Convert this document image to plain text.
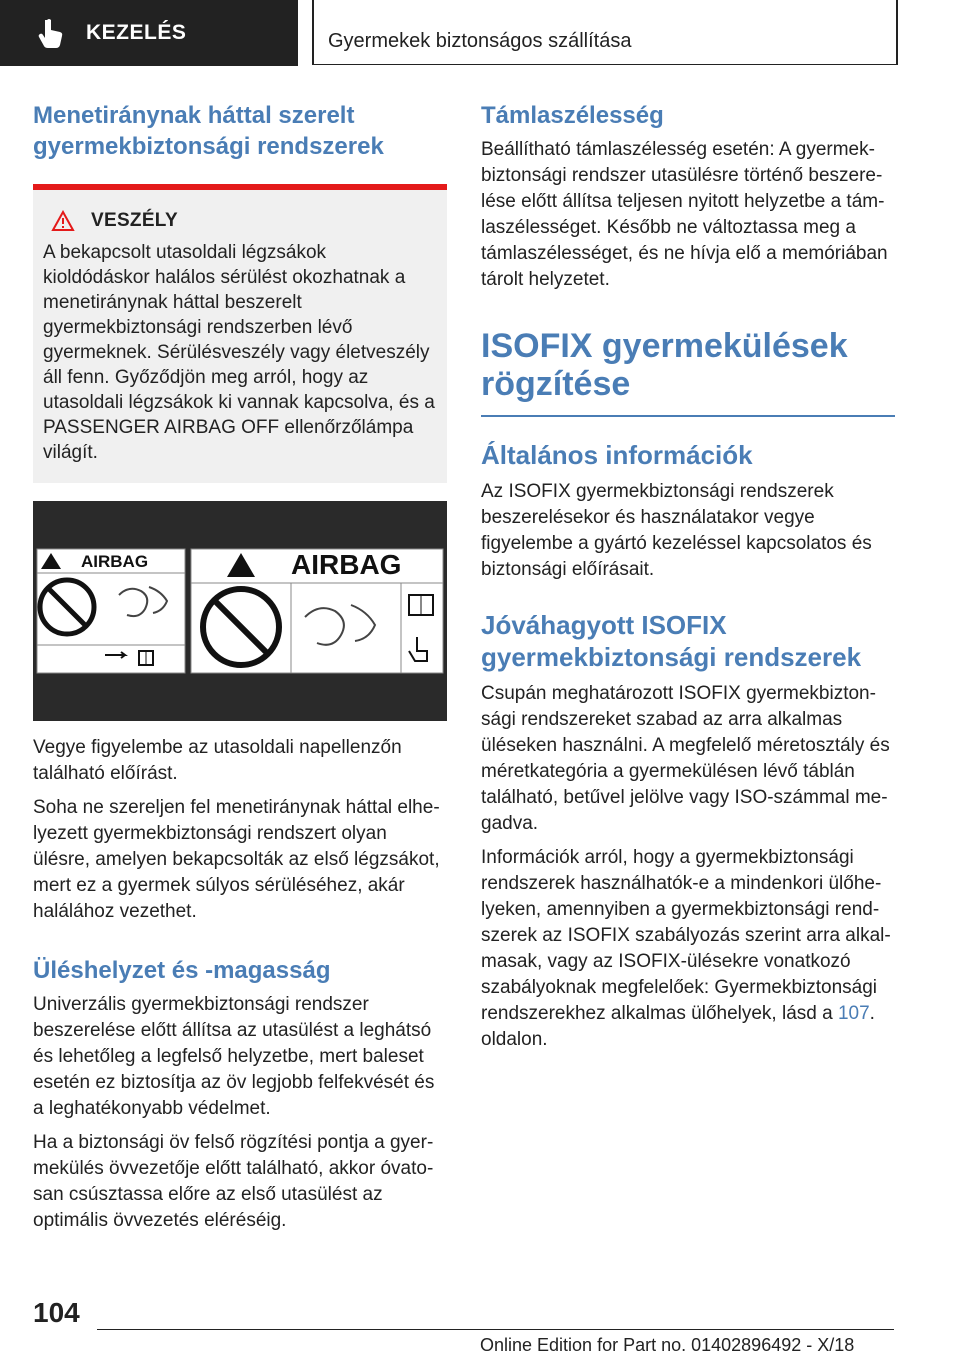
KEZELÉS	Gyermekek biztonságos szállítása
Menetiránynak háttal szerelt gyermekbiztonsági rendszerek
VESZÉLY

A bekapcsolt utasoldali légzsákok kioldódáskor halálos sérülést okozhatnak a menetiránynak háttal beszerelt gyermekbiztonsági rendszerben lévő gyermeknek. Sérülésveszély vagy életveszély áll fenn. Győződjön meg arról, hogy az utasoldali légzsákok ki vannak kapcsolva, és a PASSENGER AIRBAG OFF ellenőrzőlámpa világít.

AIRBAG	AIRBAG

Vegye figyelembe az utasoldali napellenzőn található előírást.

Soha ne szereljen fel menetiránynak háttal elhelyezett gyermekbiztonsági rendszert olyan ülésre, amelyen bekapcsolták az első légzsákot, mert ez a gyermek súlyos sérüléséhez, akár halálához vezethet.

Üléshelyzet és ‑magasság

Univerzális gyermekbiztonsági rendszer beszerelése előtt állítsa az utasülést a leghátsó és lehetőleg a legfelső helyzetbe, mert baleset esetén ez biztosítja az öv legjobb felfekvését és a leghatékonyabb védelmet.

Ha a biztonsági öv felső rögzítési pontja a gyermekülés övvezetője előtt található, akkor óvatosan csúsztassa előre az első utasülést az optimális övvezetés eléréséig.

Támlaszélesség

Beállítható támlaszélesség esetén: A gyermekbiztonsági rendszer utasülésre történő beszerelése előtt állítsa teljesen nyitott helyzetbe a támlaszélességet. Később ne változtassa meg a támlaszélességet, és ne hívja elő a memóriában tárolt helyzetet.

ISOFIX gyermekülések rögzítése
Általános információk

Az ISOFIX gyermekbiztonsági rendszerek beszerelésekor és használatakor vegye figyelembe a gyártó kezeléssel kapcsolatos és biztonsági előírásait.

Jóváhagyott ISOFIX gyermekbiztonsági rendszerek

Csupán meghatározott ISOFIX gyermekbiztonsági rendszereket szabad az arra alkalmas üléseken használni. A megfelelő méretosztály és méretkategória a gyermekülésen lévő táblán található, betűvel jelölve vagy ISO-számmal megadva.

Információk arról, hogy a gyermekbiztonsági rendszerek használhatók-e a mindenkori ülőhelyeken, amennyiben a gyermekbiztonsági rendszerek az ISOFIX szabályozás szerint arra alkalmasak, vagy az ISOFIX-ülésekre vonatkozó szabályoknak megfelelőek: Gyermekbiztonsági rendszerekhez alkalmas ülőhelyek, lásd a 107. oldalon.

104
Online Edition for Part no. 01402896492 - X/18
